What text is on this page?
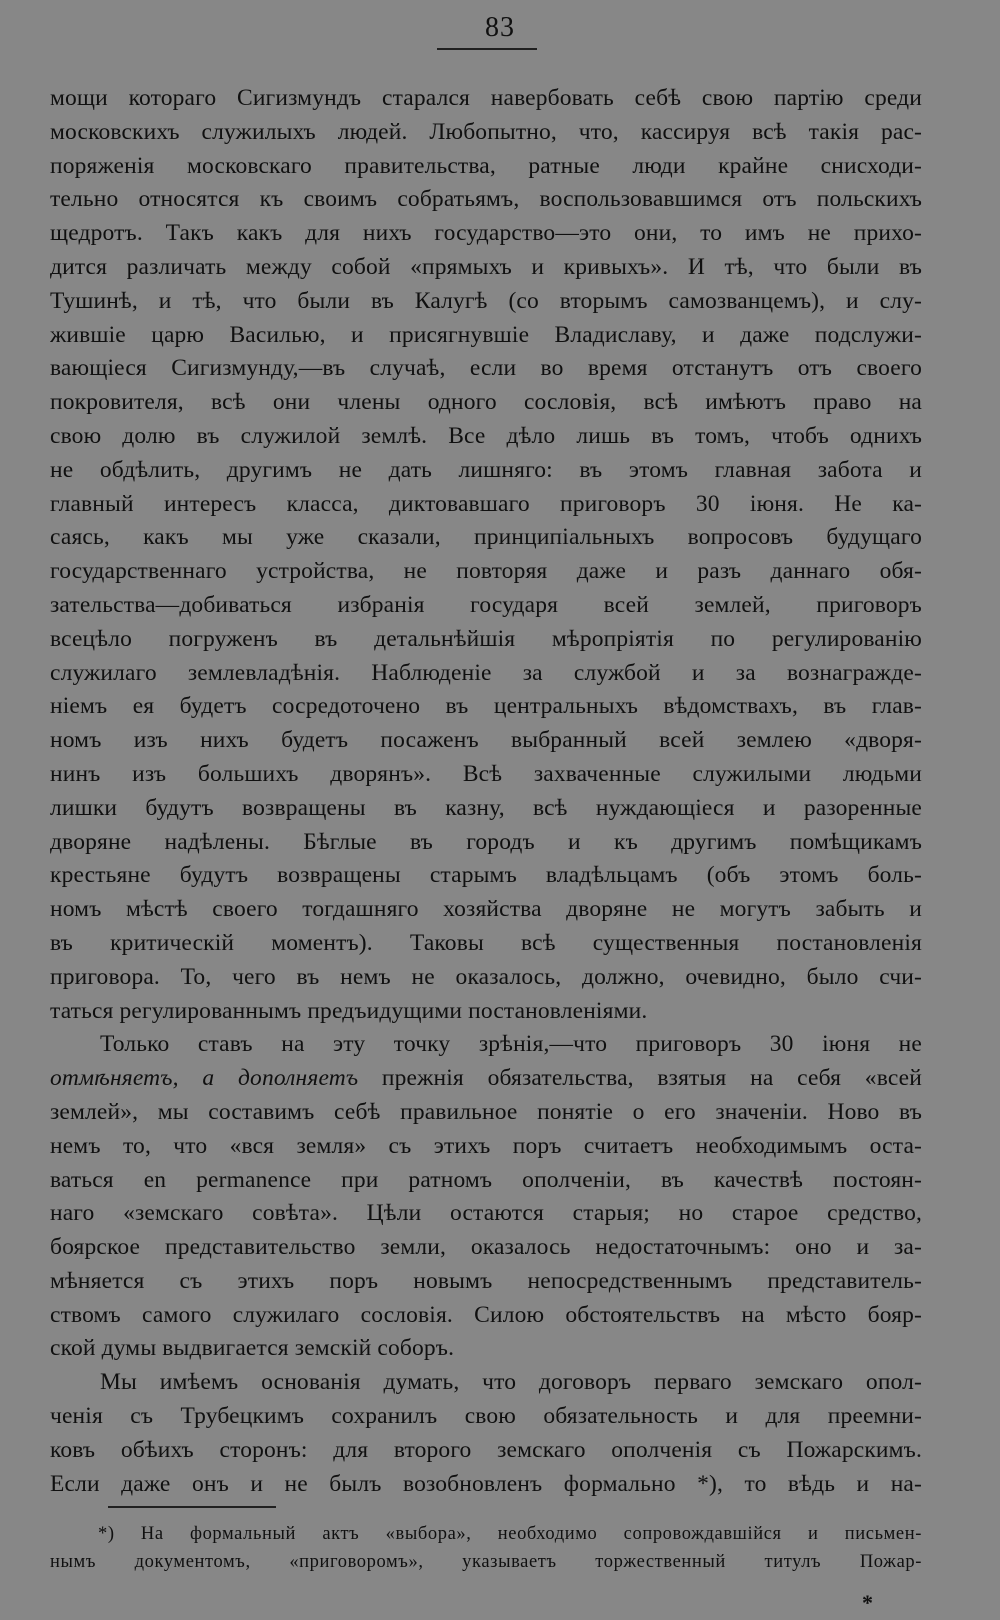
83
мощи котораго Сигизмундъ старался навербовать себѣ свою партію среди
московскихъ служилыхъ людей. Любопытно, что, кассируя всѣ такія рас-
поряженія московскаго правительства, ратные люди крайне снисходи-
тельно относятся къ своимъ собратьямъ, воспользовавшимся отъ польскихъ
щедротъ. Такъ какъ для нихъ государство—это они, то имъ не прихо-
дится различать между собой «прямыхъ и кривыхъ». И тѣ, что были въ
Тушинѣ, и тѣ, что были въ Калугѣ (со вторымъ самозванцемъ), и слу-
жившіе царю Василью, и присягнувшіе Владиславу, и даже подслужи-
вающіеся Сигизмунду,—въ случаѣ, если во время отстанутъ отъ своего
покровителя, всѣ они члены одного сословія, всѣ имѣютъ право на
свою долю въ служилой землѣ. Все дѣло лишь въ томъ, чтобъ однихъ
не обдѣлить, другимъ не дать лишняго: въ этомъ главная забота и
главный интересъ класса, диктовавшаго приговоръ 30 іюня. Не ка-
саясь, какъ мы уже сказали, принципіальныхъ вопросовъ будущаго
государственнаго устройства, не повторяя даже и разъ даннаго обя-
зательства—добиваться избранія государя всей землей, приговоръ
всецѣло погруженъ въ детальнѣйшія мѣропріятія по регулированію
служилаго землевладѣнія. Наблюденіе за службой и за вознагражде-
ніемъ ея будетъ сосредоточено въ центральныхъ вѣдомствахъ, въ глав-
номъ изъ нихъ будетъ посаженъ выбранный всей землею «дворя-
нинъ изъ большихъ дворянъ». Всѣ захваченные служилыми людьми
лишки будутъ возвращены въ казну, всѣ нуждающіеся и разоренные
дворяне надѣлены. Бѣглые въ городъ и къ другимъ помѣщикамъ
крестьяне будутъ возвращены старымъ владѣльцамъ (объ этомъ боль-
номъ мѣстѣ своего тогдашняго хозяйства дворяне не могутъ забыть и
въ критическій моментъ). Таковы всѣ существенныя постановленія
приговора. То, чего въ немъ не оказалось, должно, очевидно, было счи-
таться регулированнымъ предъидущими постановленіями.
Только ставъ на эту точку зрѣнія,—что приговоръ 30 іюня не
отмѣняетъ, а дополняетъ прежнія обязательства, взятыя на себя «всей
землей», мы составимъ себѣ правильное понятіе о его значеніи. Ново въ
немъ то, что «вся земля» съ этихъ поръ считаетъ необходимымъ оста-
ваться en permanence при ратномъ ополченіи, въ качествѣ постоян-
наго «земскаго совѣта». Цѣли остаются старыя; но старое средство,
боярское представительство земли, оказалось недостаточнымъ: оно и за-
мѣняется съ этихъ поръ новымъ непосредственнымъ представитель-
ствомъ самого служилаго сословія. Силою обстоятельствъ на мѣсто бояр-
ской думы выдвигается земскій соборъ.
Мы имѣемъ основанія думать, что договоръ перваго земскаго опол-
ченія съ Трубецкимъ сохранилъ свою обязательность и для преемни-
ковъ обѣихъ сторонъ: для второго земскаго ополченія съ Пожарскимъ.
Если даже онъ и не былъ возобновленъ формально *), то вѣдь и на-
*) На формальный актъ «выбора», необходимо сопровождавшійся и письмен-
нымъ документомъ, «приговоромъ», указываетъ торжественный титулъ Пожар-
*
